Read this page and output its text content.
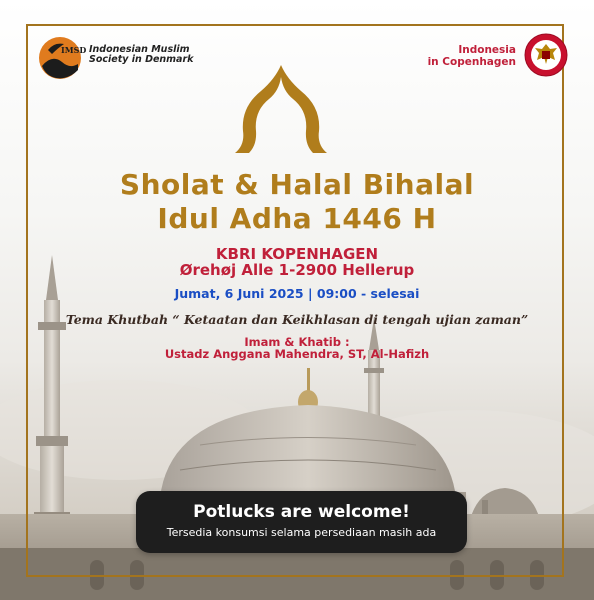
IMSD Indonesian Muslim
Society in Denmark
Indonesia
in Copenhagen
Sholat & Halal Bihalal
Idul Adha 1446 H
KBRI KOPENHAGEN
Ørehøj Alle 1-2900 Hellerup
Jumat, 6 Juni 2025 | 09:00 - selesai
Tema Khutbah “ Ketaatan dan Keikhlasan di tengah ujian zaman”
Imam & Khatib :
Ustadz Anggana Mahendra, ST, Al-Hafizh
Potlucks are welcome!
Tersedia konsumsi selama persediaan masih ada
